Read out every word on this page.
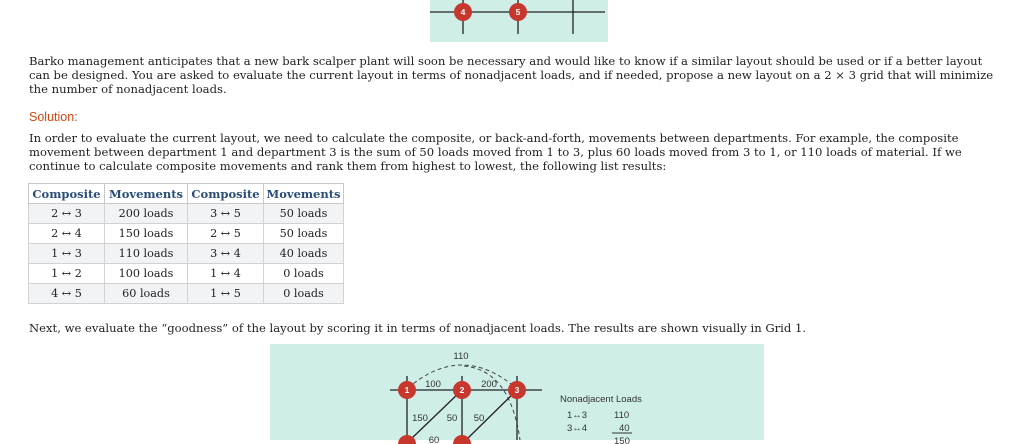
4	5

Barko management anticipates that a new bark scalper plant will soon be necessary and would like to know if a similar layout should be used or if a better layout can be designed. You are asked to evaluate the current layout in terms of nonadjacent loads, and if needed, propose a new layout on a 2 × 3 grid that will minimize the number of nonadjacent loads.

Solution:

In order to evaluate the current layout, we need to calculate the composite, or back-and-forth, movements between departments. For example, the composite movement between department 1 and department 3 is the sum of 50 loads moved from 1 to 3, plus 60 loads moved from 3 to 1, or 110 loads of material. If we continue to calculate composite movements and rank them from highest to lowest, the following list results:

Composite	Movements	Composite	Movements
2 ↔ 3	200 loads	3 ↔ 5	50 loads
2 ↔ 4	150 loads	2 ↔ 5	50 loads
1 ↔ 3	110 loads	3 ↔ 4	40 loads
1 ↔ 2	100 loads	1 ↔ 4	0 loads
4 ↔ 5	60 loads	1 ↔ 5	0 loads

Next, we evaluate the “goodness” of the layout by scoring it in terms of nonadjacent loads. The results are shown visually in Grid 1.

110
100	200
150 50 50
60
1	2	3
Nonadjacent Loads
1↔3	110
3↔4	40
150
